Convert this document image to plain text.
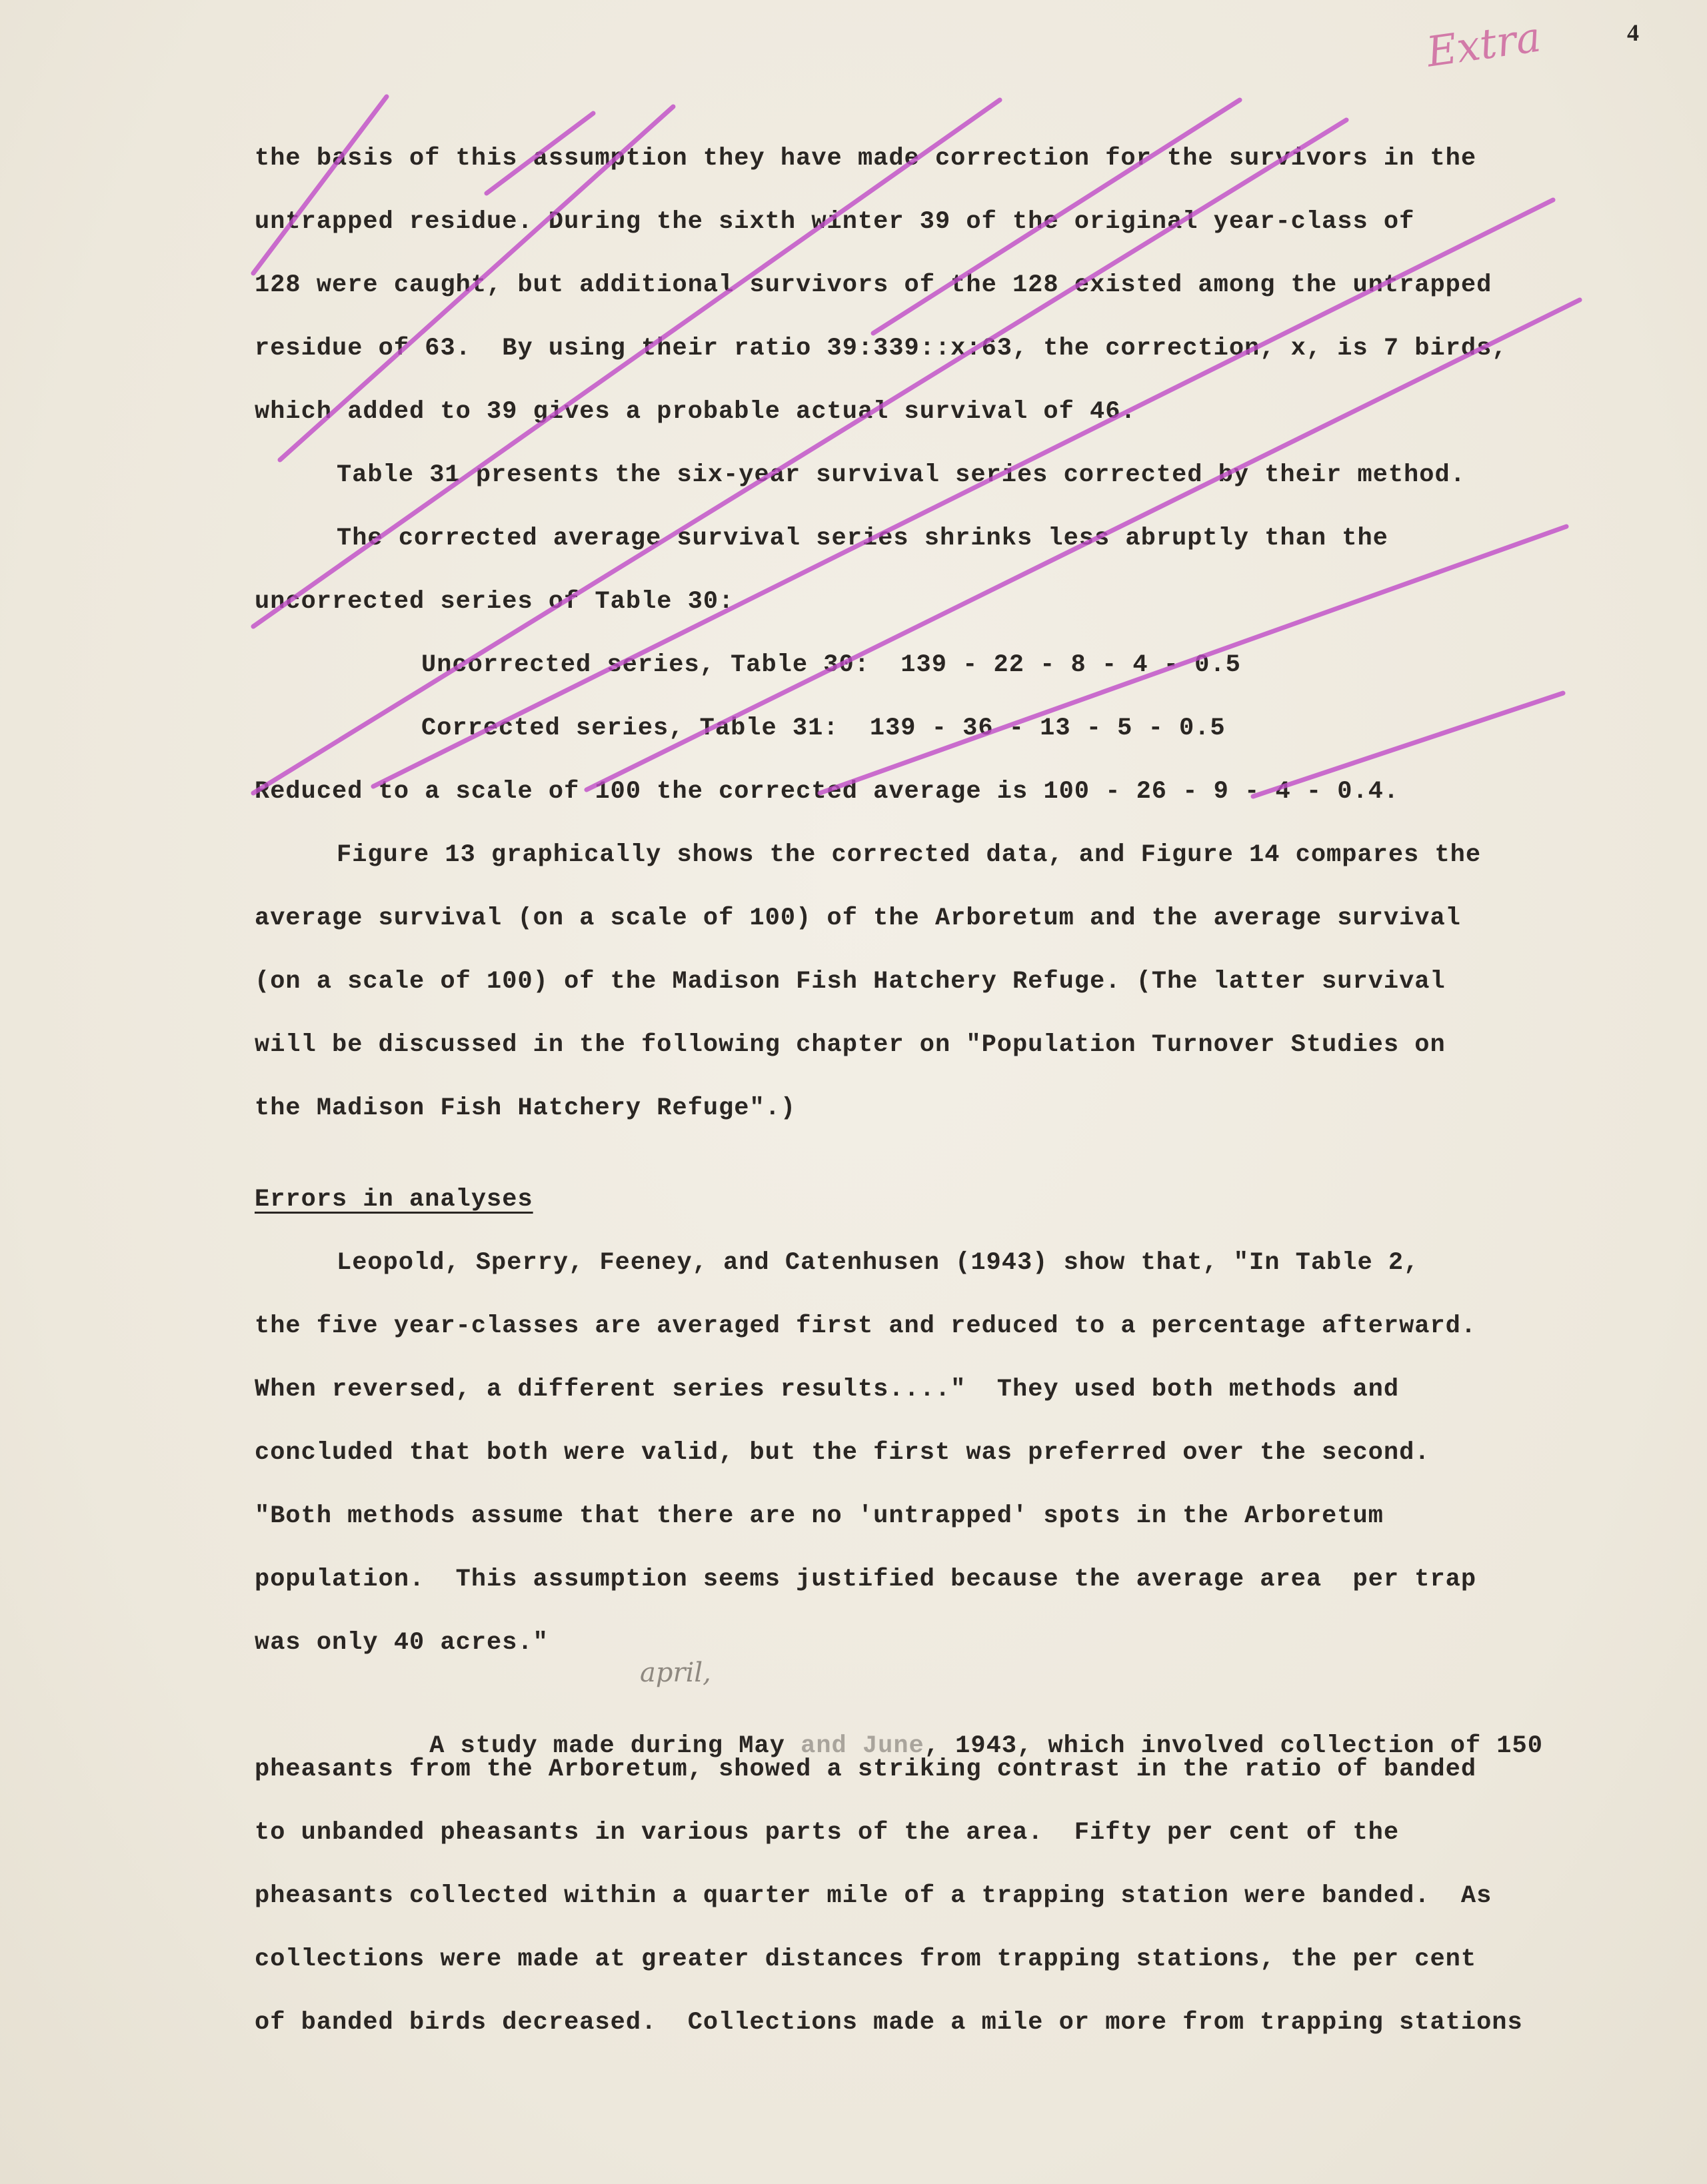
4
Extra

the basis of this assumption they have made correction for the survivors in the

untrapped residue. During the sixth winter 39 of the original year-class of

128 were caught, but additional survivors of the 128 existed among the untrapped

residue of 63.  By using their ratio 39:339::x:63, the correction, x, is 7 birds,

which added to 39 gives a probable actual survival of 46.

Table 31 presents the six-year survival series corrected by their method.

The corrected average survival series shrinks less abruptly than the

uncorrected series of Table 30:

Uncorrected series, Table 30:  139 - 22 - 8 - 4 - 0.5

Corrected series, Table 31:  139 - 36 - 13 - 5 - 0.5

Reduced to a scale of 100 the corrected average is 100 - 26 - 9 - 4 - 0.4.

Figure 13 graphically shows the corrected data, and Figure 14 compares the

average survival (on a scale of 100) of the Arboretum and the average survival

(on a scale of 100) of the Madison Fish Hatchery Refuge. (The latter survival

will be discussed in the following chapter on "Population Turnover Studies on

the Madison Fish Hatchery Refuge".)

Errors in analyses

Leopold, Sperry, Feeney, and Catenhusen (1943) show that, "In Table 2,

the five year-classes are averaged first and reduced to a percentage afterward.

When reversed, a different series results...."  They used both methods and

concluded that both were valid, but the first was preferred over the second.

"Both methods assume that there are no 'untrapped' spots in the Arboretum

population.  This assumption seems justified because the average area  per trap

was only 40 acres."

A study made during May and June, 1943, which involved collection of 150

pheasants from the Arboretum, showed a striking contrast in the ratio of banded

to unbanded pheasants in various parts of the area.  Fifty per cent of the

pheasants collected within a quarter mile of a trapping station were banded.  As

collections were made at greater distances from trapping stations, the per cent

of banded birds decreased.  Collections made a mile or more from trapping stations

april,
